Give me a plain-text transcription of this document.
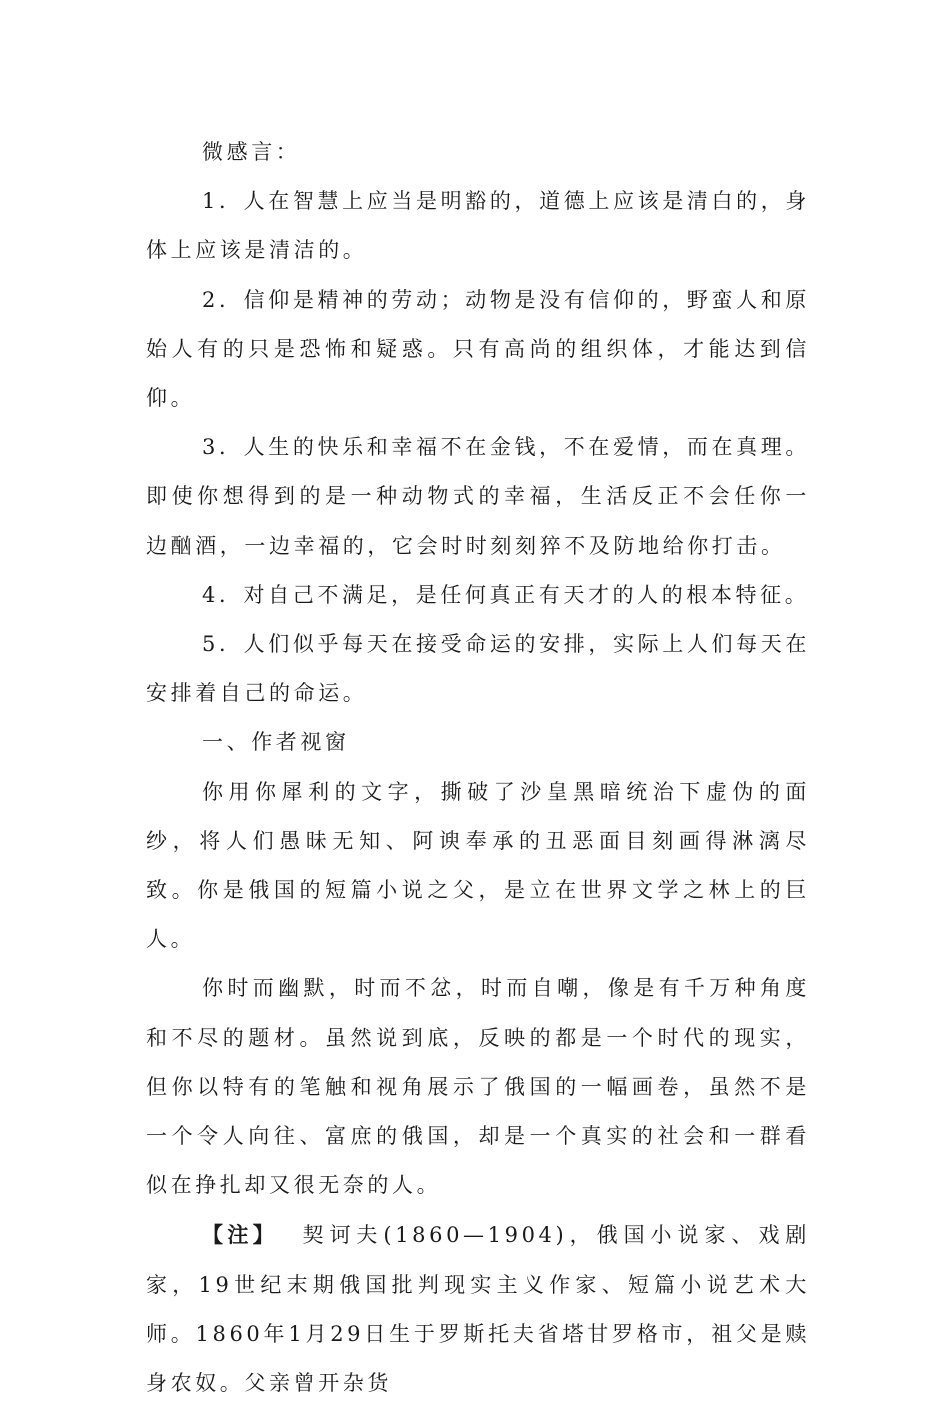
微感言：

1．人在智慧上应当是明豁的，道德上应该是清白的，身体上应该是清洁的。

2．信仰是精神的劳动；动物是没有信仰的，野蛮人和原始人有的只是恐怖和疑惑。只有高尚的组织体，才能达到信仰。

3．人生的快乐和幸福不在金钱，不在爱情，而在真理。即使你想得到的是一种动物式的幸福，生活反正不会任你一边酗酒，一边幸福的，它会时时刻刻猝不及防地给你打击。

4．对自己不满足，是任何真正有天才的人的根本特征。

5．人们似乎每天在接受命运的安排，实际上人们每天在安排着自己的命运。

一、作者视窗

你用你犀利的文字，撕破了沙皇黑暗统治下虚伪的面纱，将人们愚昧无知、阿谀奉承的丑恶面目刻画得淋漓尽致。你是俄国的短篇小说之父，是立在世界文学之林上的巨人。

你时而幽默，时而不忿，时而自嘲，像是有千万种角度和不尽的题材。虽然说到底，反映的都是一个时代的现实，但你以特有的笔触和视角展示了俄国的一幅画卷，虽然不是一个令人向往、富庶的俄国，却是一个真实的社会和一群看似在挣扎却又很无奈的人。

【注】 契诃夫(1860—1904)，俄国小说家、戏剧家，19世纪末期俄国批判现实主义作家、短篇小说艺术大师。1860年1月29日生于罗斯托夫省塔甘罗格市，祖父是赎身农奴。父亲曾开杂货
